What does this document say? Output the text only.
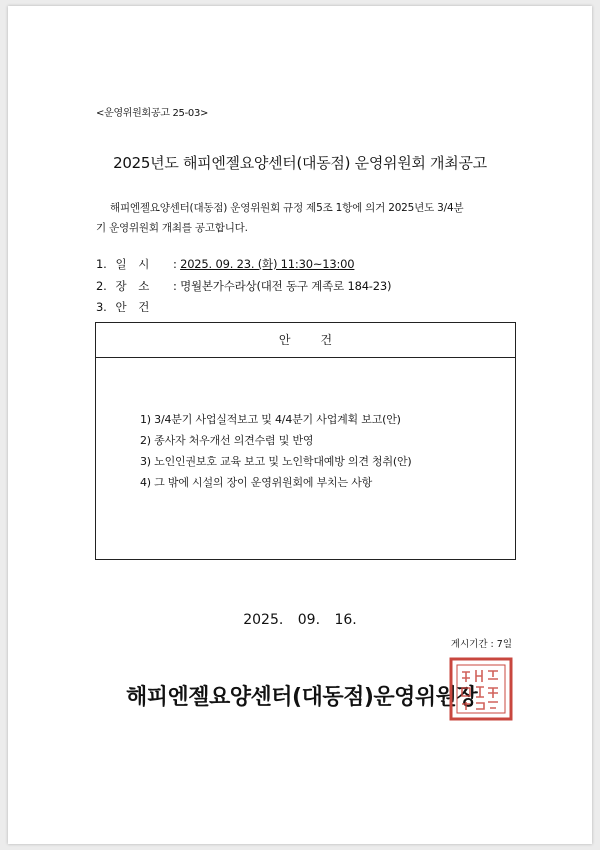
<운영위원회공고 25-03>
2025년도 해피엔젤요양센터(대동점) 운영위원회 개최공고
해피엔젤요양센터(대동점) 운영위원회 규정 제5조 1항에 의거 2025년도 3/4분
기 운영위원회 개최를 공고합니다.
1. 일 시 : 2025. 09. 23. (화) 11:30~13:00
2. 장 소 : 명월본가수라상(대전 동구 계족로 184-23)
3. 안 건
안건
1) 3/4분기 사업실적보고 및 4/4분기 사업계획 보고(안)
2) 종사자 처우개선 의견수렴 및 반영
3) 노인인권보호 교육 보고 및 노인학대예방 의견 청취(안)
4) 그 밖에 시설의 장이 운영위원회에 부치는 사항
2025. 09. 16.
게시기간 : 7일
해피엔젤요양센터(대동점)운영위원장
